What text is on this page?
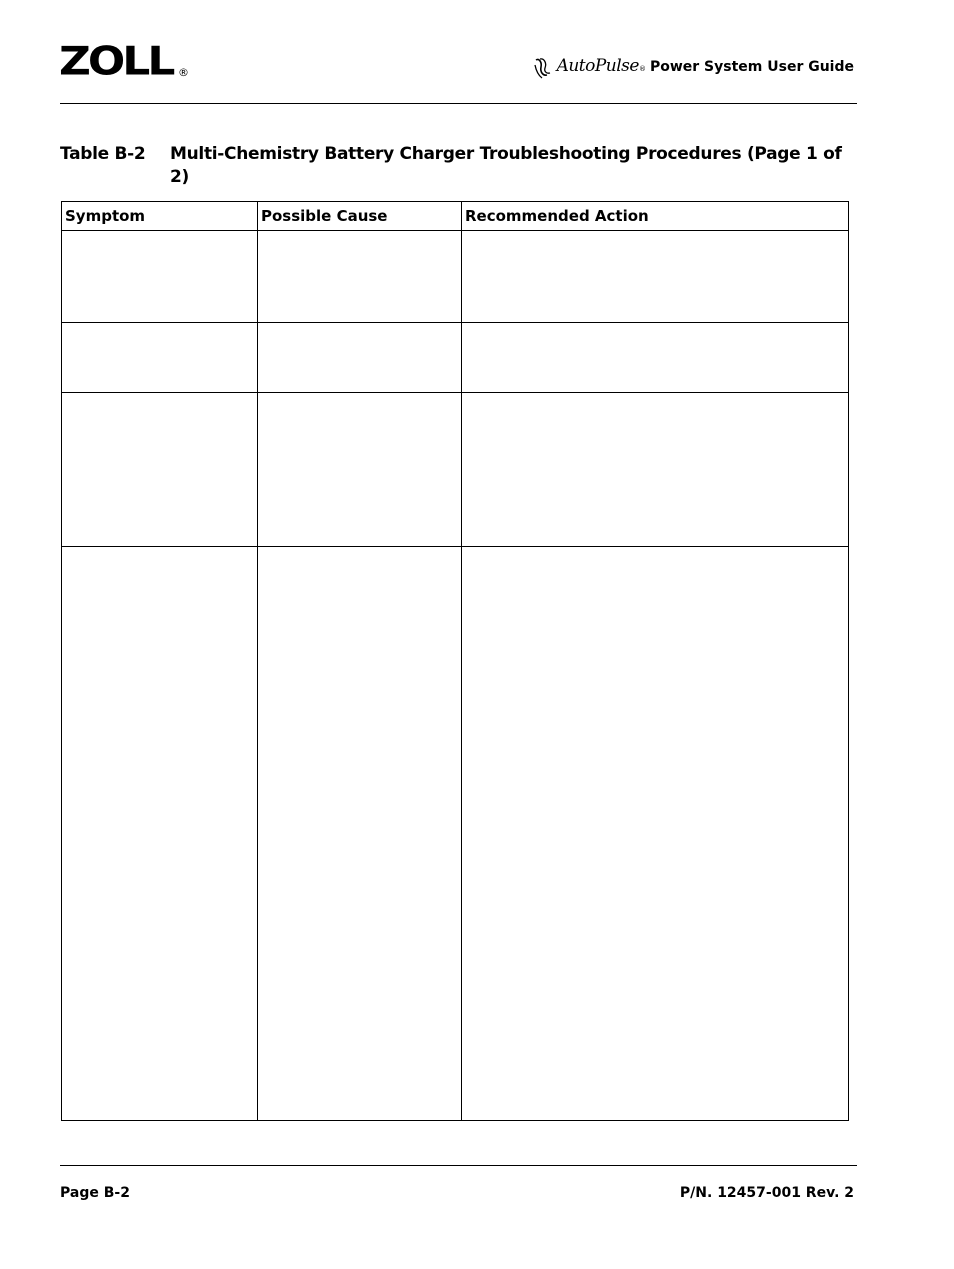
ZOLL ®	AutoPulse ® Power System User Guide
Table B-2 Multi-Chemistry Battery Charger Troubleshooting Procedures (Page 1 of 2)
Symptom	Possible Cause	Recommended Action

Page B-2	P/N. 12457-001 Rev. 2
